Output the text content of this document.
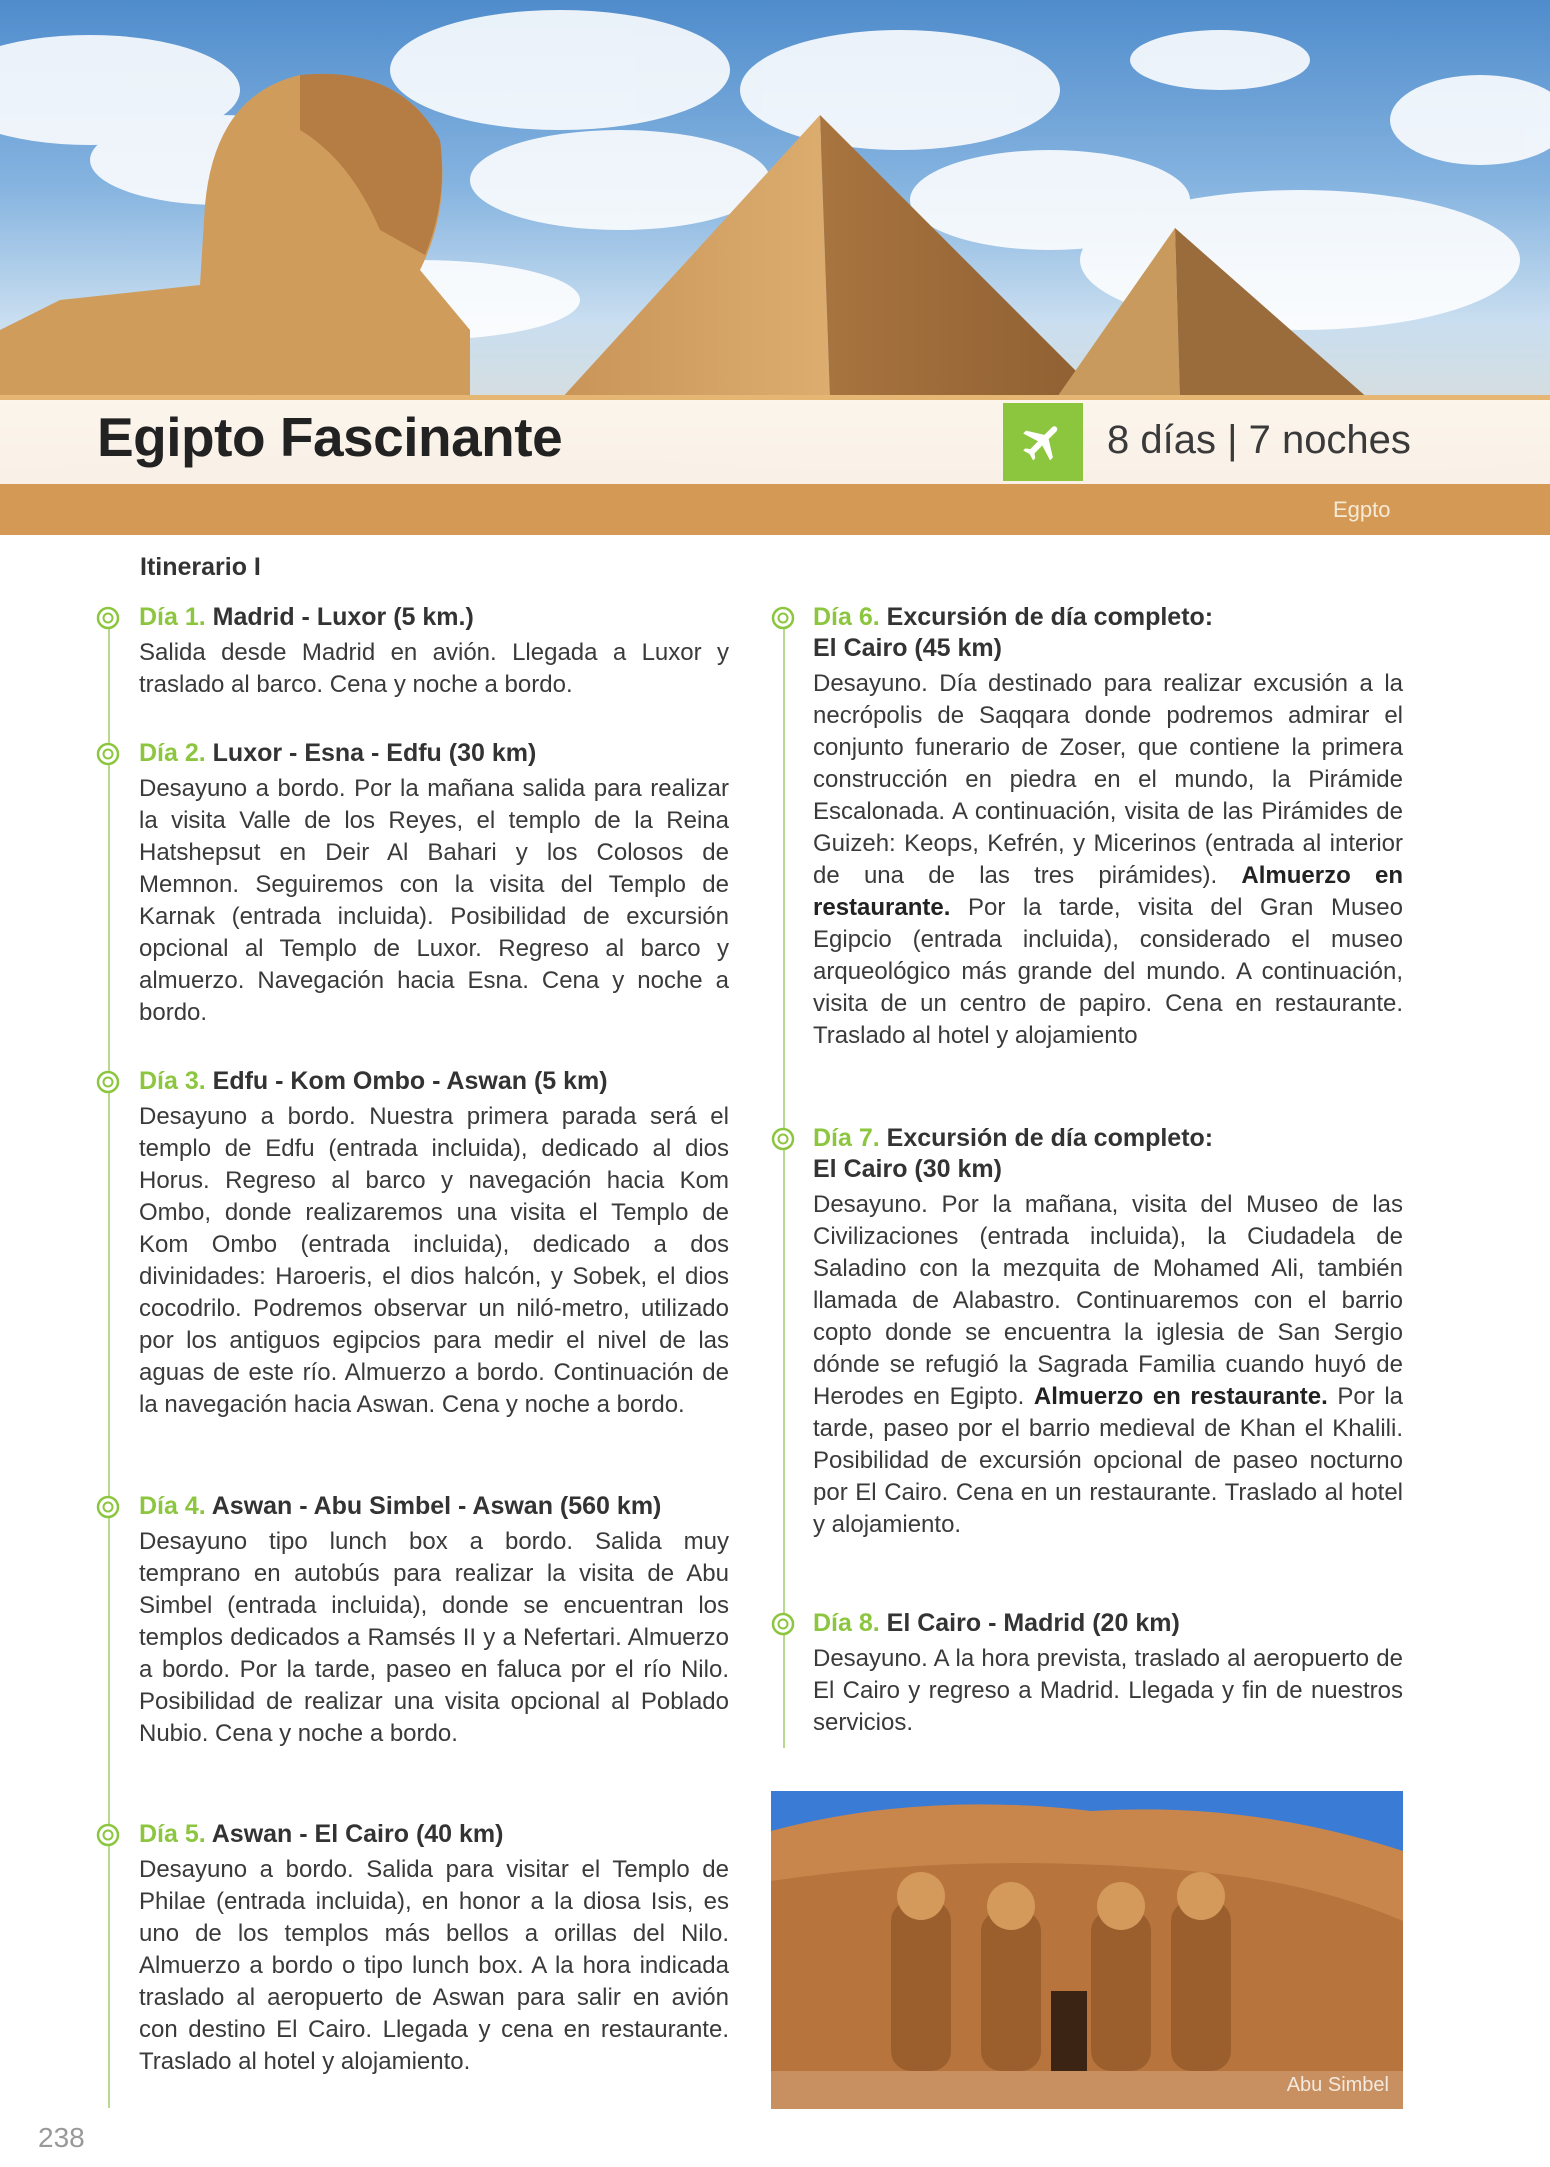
Egipto Fascinante	8 días | 7 noches
Egpto
Itinerario I
Día 1. Madrid - Luxor (5 km.)
Salida desde Madrid en avión. Llegada a Luxor y traslado al barco. Cena y noche a bordo.
Día 2. Luxor - Esna - Edfu (30 km)
Desayuno a bordo. Por la mañana salida para realizar la visita Valle de los Reyes, el templo de la Reina Hatshepsut en Deir Al Bahari y los Colosos de Memnon. Seguiremos con la visita del Templo de Karnak (entrada incluida). Posibilidad de excursión opcional al Templo de Luxor. Regreso al barco y almuerzo. Navegación hacia Esna. Cena y noche a bordo.
Día 3. Edfu - Kom Ombo - Aswan (5 km)
Desayuno a bordo. Nuestra primera parada será el templo de Edfu (entrada incluida), dedicado al dios Horus. Regreso al barco y navegación hacia Kom Ombo, donde realizaremos una visita el Templo de Kom Ombo (entrada incluida), dedicado a dos divinidades: Haroeris, el dios halcón, y Sobek, el dios cocodrilo. Podremos observar un niló-metro, utilizado por los antiguos egipcios para medir el nivel de las aguas de este río. Almuerzo a bordo. Continuación de la navegación hacia Aswan. Cena y noche a bordo.
Día 4. Aswan - Abu Simbel - Aswan (560 km)
Desayuno tipo lunch box a bordo. Salida muy temprano en autobús para realizar la visita de Abu Simbel (entrada incluida), donde se encuentran los templos dedicados a Ramsés II y a Nefertari. Almuerzo a bordo. Por la tarde, paseo en faluca por el río Nilo. Posibilidad de realizar una visita opcional al Poblado Nubio. Cena y noche a bordo.
Día 5. Aswan - El Cairo (40 km)
Desayuno a bordo. Salida para visitar el Templo de Philae (entrada incluida), en honor a la diosa Isis, es uno de los templos más bellos a orillas del Nilo. Almuerzo a bordo o tipo lunch box. A la hora indicada traslado al aeropuerto de Aswan para salir en avión con destino El Cairo. Llegada y cena en restaurante. Traslado al hotel y alojamiento.
Día 6. Excursión de día completo:
El Cairo (45 km)
Desayuno. Día destinado para realizar excusión a la necrópolis de Saqqara donde podremos admirar el conjunto funerario de Zoser, que contiene la primera construcción en piedra en el mundo, la Pirámide Escalonada. A continuación, visita de las Pirámides de Guizeh: Keops, Kefrén, y Micerinos (entrada al interior de una de las tres pirámides). Almuerzo en restaurante. Por la tarde, visita del Gran Museo Egipcio (entrada incluida), considerado el museo arqueológico más grande del mundo. A continuación, visita de un centro de papiro. Cena en restaurante. Traslado al hotel y alojamiento
Día 7. Excursión de día completo:
El Cairo (30 km)
Desayuno. Por la mañana, visita del Museo de las Civilizaciones (entrada incluida), la Ciudadela de Saladino con la mezquita de Mohamed Ali, también llamada de Alabastro. Continuaremos con el barrio copto donde se encuentra la iglesia de San Sergio dónde se refugió la Sagrada Familia cuando huyó de Herodes en Egipto. Almuerzo en restaurante. Por la tarde, paseo por el barrio medieval de Khan el Khalili. Posibilidad de excursión opcional de paseo nocturno por El Cairo. Cena en un restaurante. Traslado al hotel y alojamiento.
Día 8. El Cairo - Madrid (20 km)
Desayuno. A la hora prevista, traslado al aeropuerto de El Cairo y regreso a Madrid. Llegada y fin de nuestros servicios.
Abu Simbel
238
